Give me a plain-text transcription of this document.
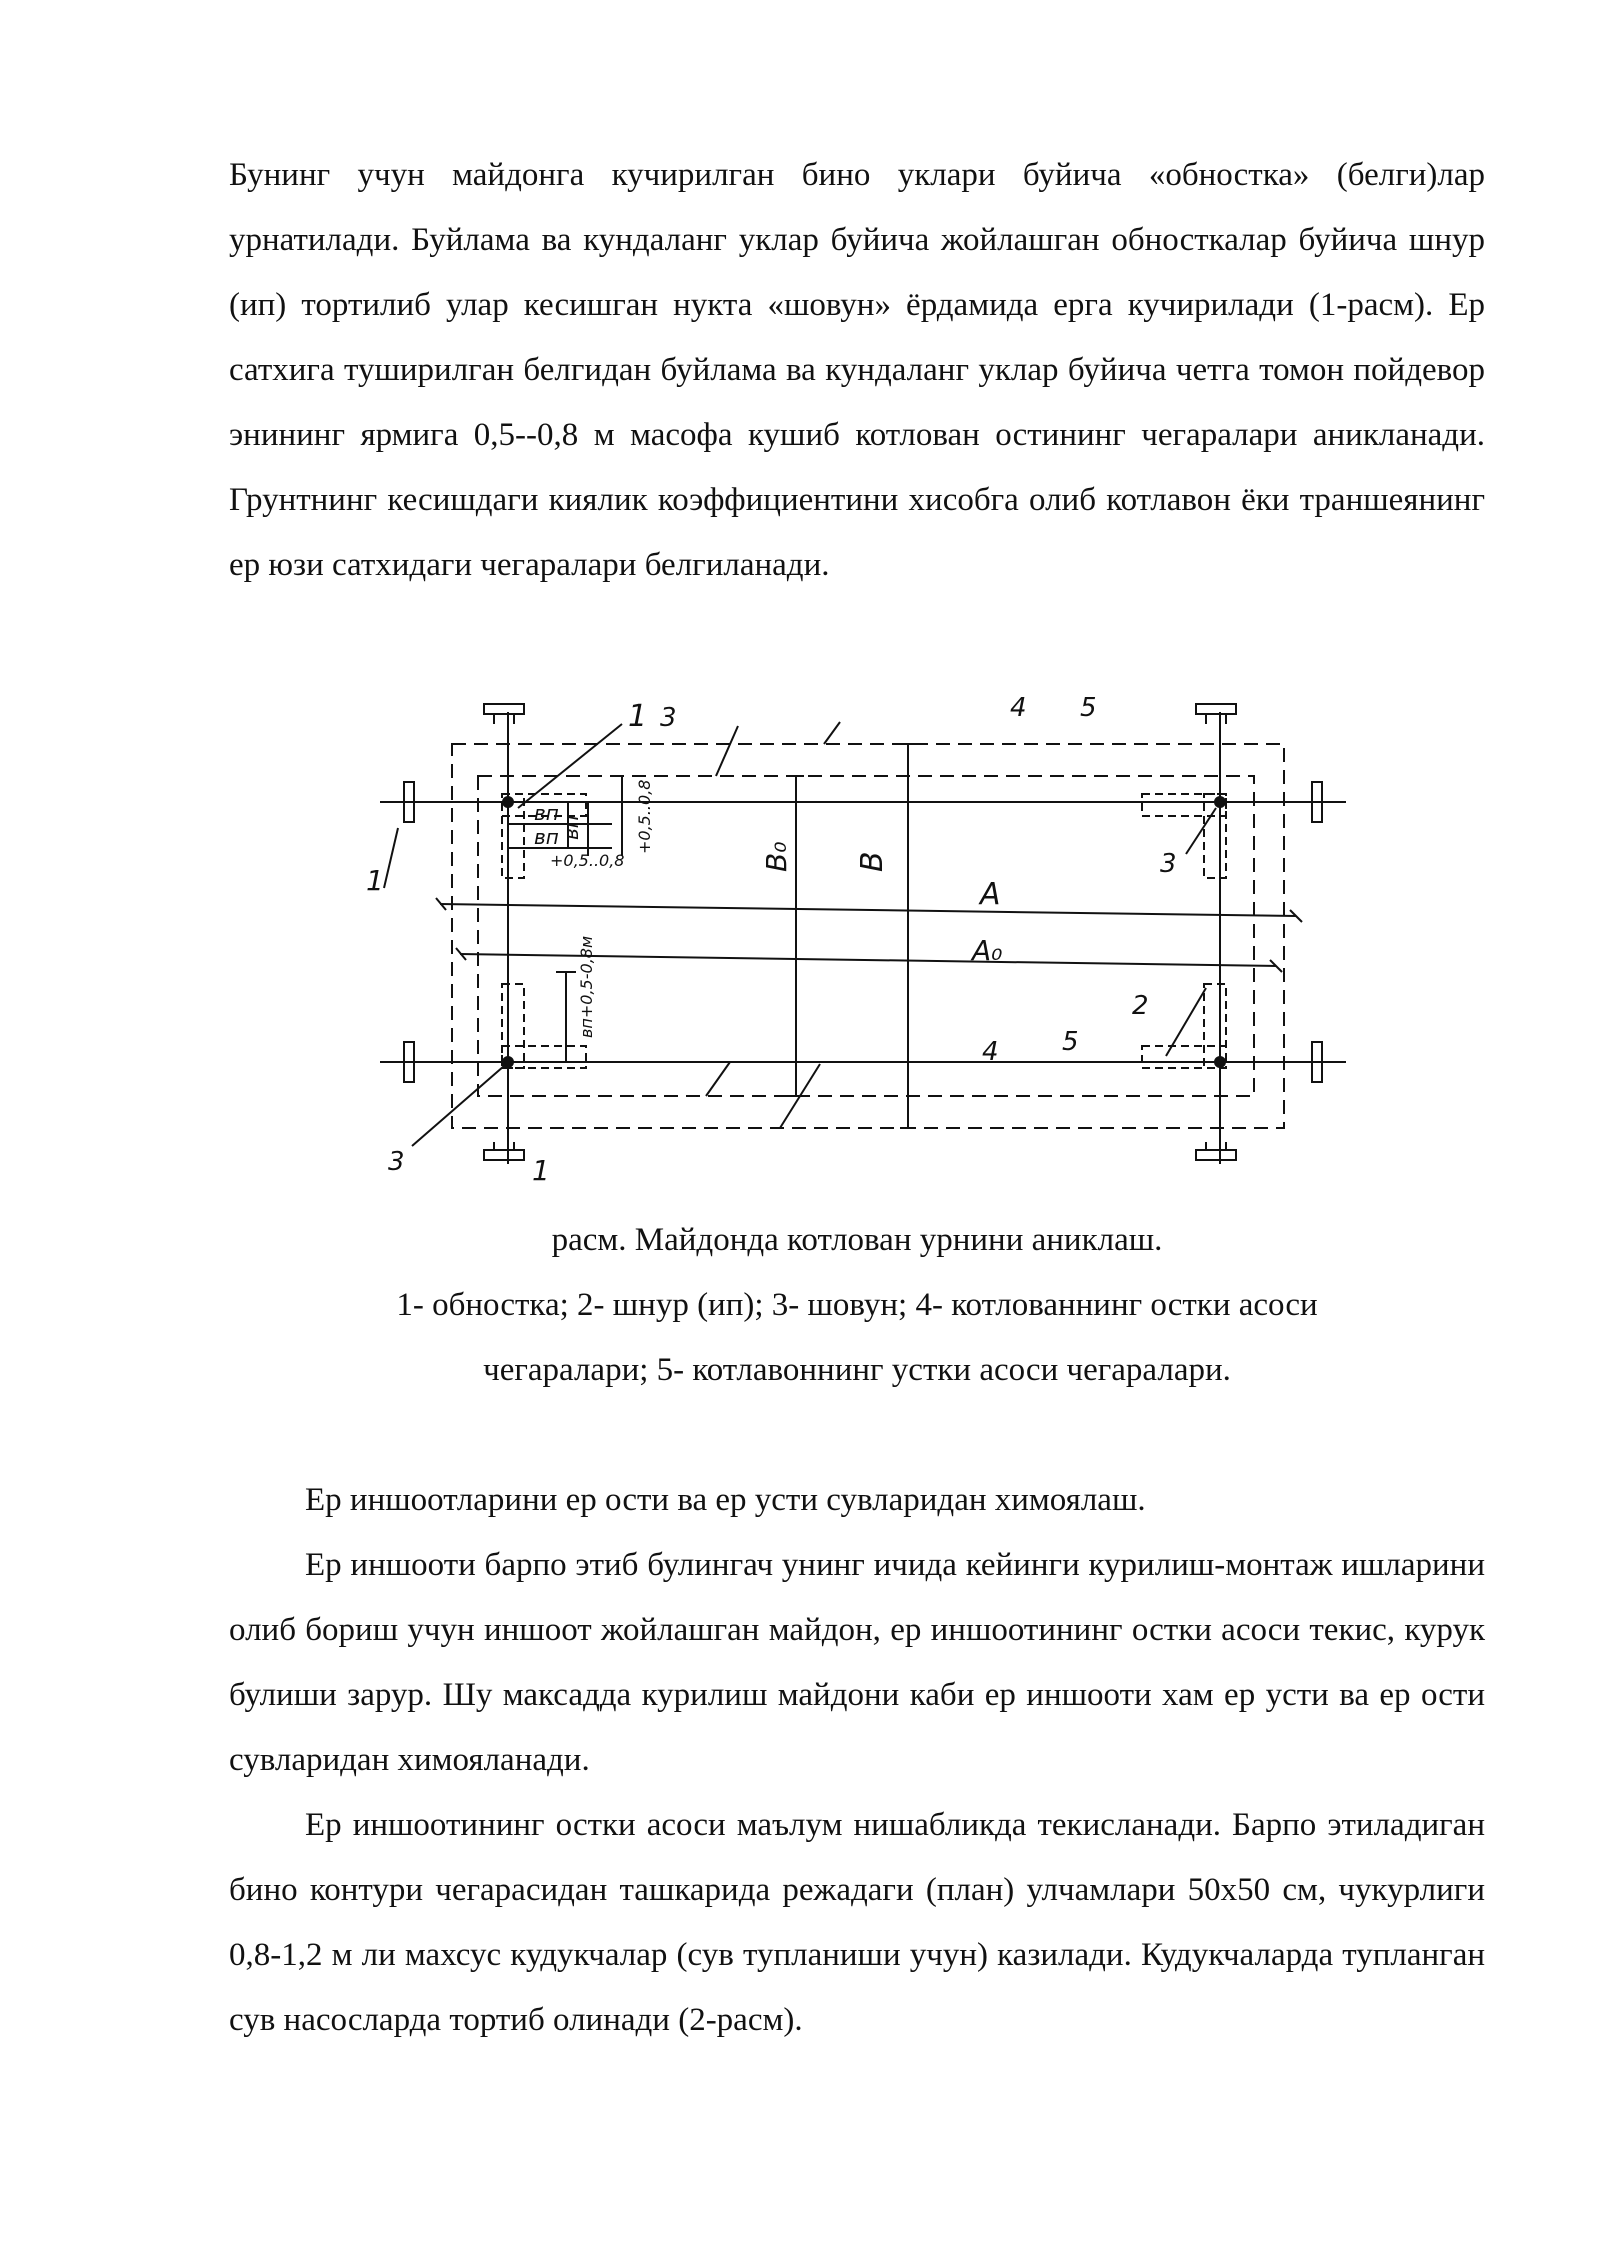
Бунинг учун майдонга кучирилган бино уклари буйича «обностка» (белги)лар урнатилади. Буйлама ва кундаланг уклар буйича жойлашган обносткалар буйича шнур (ип) тортилиб улар кесишган нукта «шовун» ёрдамида ерга кучирилади (1-расм). Ер сатхига туширилган белгидан буйлама ва кундаланг уклар буйича четга томон пойдевор энининг ярмига 0,5--0,8 м масофа кушиб котлован остининг чегаралари аникланади. Грунтнинг кесишдаги киялик коэффициентини хисобга олиб котлавон ёки траншеянинг ер юзи сатхидаги чегаралари белгиланади.

1 3	4 5
1	3
2
4 5
3	1
А
А₀
В
В₀
вп
вп вп
+0,5..0,8
+0,5..0,8
вп+0,5-0,8м

расм. Майдонда котлован урнини аниклаш.

1- обностка; 2- шнур (ип); 3- шовун; 4- котлованнинг остки асоси

чегаралари; 5- котлавоннинг устки асоси чегаралари.

Ер иншоотларини ер ости ва ер усти сувларидан химоялаш.

Ер иншооти барпо этиб булингач унинг ичида кейинги курилиш-монтаж ишларини олиб бориш учун иншоот жойлашган майдон, ер иншоотининг остки асоси текис, курук булиши зарур. Шу максадда курилиш майдони каби ер иншооти хам ер усти ва ер ости сувларидан химояланади.

Ер иншоотининг остки асоси маълум нишабликда текисланади. Барпо этиладиган бино контури чегарасидан ташкарида режадаги (план) улчамлари 50х50 см, чукурлиги 0,8-1,2 м ли махсус кудукчалар (сув тупланиши учун) казилади. Кудукчаларда тупланган сув насосларда тортиб олинади (2-расм).
